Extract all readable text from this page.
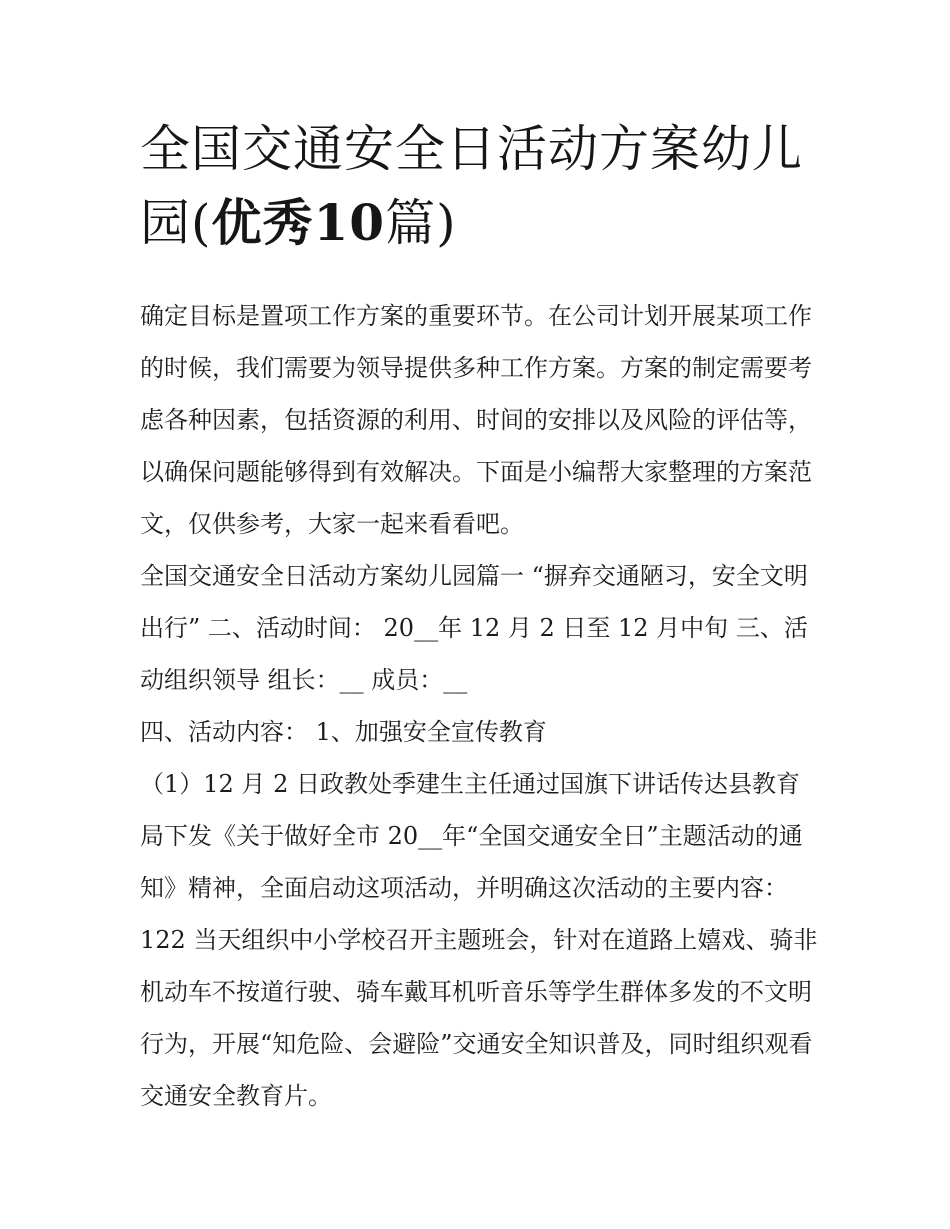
全国交通安全日活动方案幼儿园(优秀10篇)

确定目标是置项工作方案的重要环节。在公司计划开展某项工作的时候，我们需要为领导提供多种工作方案。方案的制定需要考虑各种因素，包括资源的利用、时间的安排以及风险的评估等，以确保问题能够得到有效解决。下面是小编帮大家整理的方案范文，仅供参考，大家一起来看看吧。

全国交通安全日活动方案幼儿园篇一 “摒弃交通陋习，安全文明出行” 二、活动时间： 20__年 12 月 2 日至 12 月中旬 三、活动组织领导 组长：__ 成员：__

四、活动内容： 1、加强安全宣传教育

（1）12 月 2 日政教处季建生主任通过国旗下讲话传达县教育局下发《关于做好全市 20__年“全国交通安全日”主题活动的通知》精神，全面启动这项活动，并明确这次活动的主要内容：122 当天组织中小学校召开主题班会，针对在道路上嬉戏、骑非机动车不按道行驶、骑车戴耳机听音乐等学生群体多发的不文明行为，开展“知危险、会避险”交通安全知识普及，同时组织观看交通安全教育片。
